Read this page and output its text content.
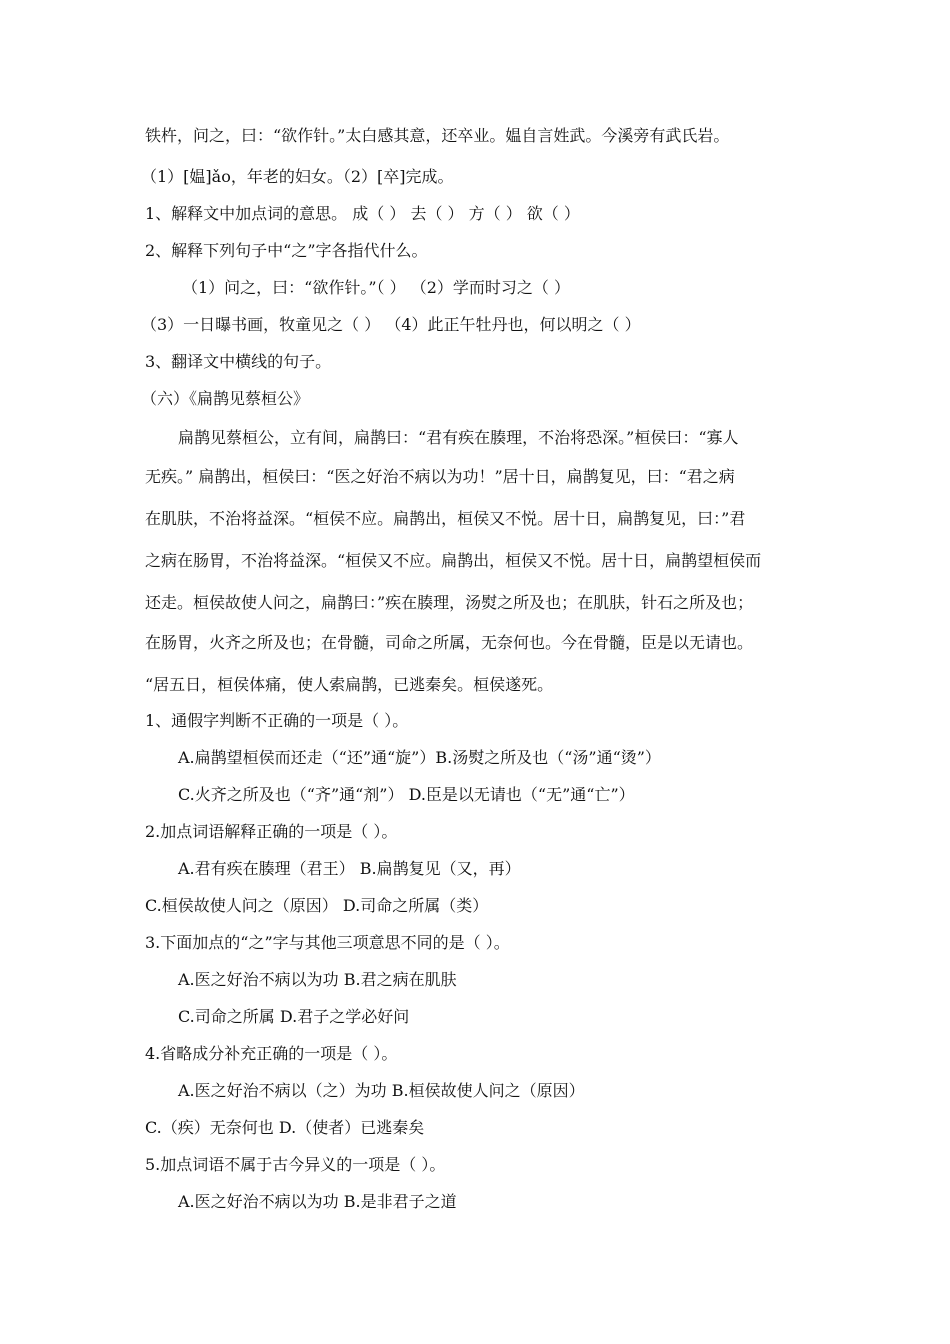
铁杵，问之，曰：“欲作针。”太白感其意，还卒业。媪自言姓武。今溪旁有武氏岩。
（1）[媪]ǎo，年老的妇女。（2）[卒]完成。
1、解释文中加点词的意思。 成（ ） 去（ ） 方（ ） 欲（ ）
2、解释下列句子中“之”字各指代什么。
（1）问之，曰：“欲作针。”（ ） （2）学而时习之（ ）
（3）一日曝书画，牧童见之（ ） （4）此正午牡丹也，何以明之（ ）
3、翻译文中横线的句子。
（六）《扁鹊见蔡桓公》
扁鹊见蔡桓公，立有间，扁鹊曰：“君有疾在腠理，不治将恐深。”桓侯曰：“寡人
无疾。” 扁鹊出，桓侯曰：“医之好治不病以为功！”居十日，扁鹊复见，曰：“君之病
在肌肤，不治将益深。“桓侯不应。扁鹊出，桓侯又不悦。居十日，扁鹊复见，曰：”君
之病在肠胃，不治将益深。“桓侯又不应。扁鹊出，桓侯又不悦。居十日，扁鹊望桓侯而
还走。桓侯故使人问之，扁鹊曰：”疾在腠理，汤熨之所及也；在肌肤，针石之所及也；
在肠胃，火齐之所及也；在骨髓，司命之所属，无奈何也。今在骨髓，臣是以无请也。
“居五日，桓侯体痛，使人索扁鹊，已逃秦矣。桓侯遂死。
1、通假字判断不正确的一项是（ ）。
A.扁鹊望桓侯而还走（“还”通“旋”）B.汤熨之所及也（“汤”通“烫”）
C.火齐之所及也（“齐”通“剂”） D.臣是以无请也（“无”通“亡”）
2.加点词语解释正确的一项是（ ）。
A.君有疾在腠理（君王） B.扁鹊复见（又，再）
C.桓侯故使人问之（原因） D.司命之所属（类）
3.下面加点的“之”字与其他三项意思不同的是（ ）。
A.医之好治不病以为功 B.君之病在肌肤
C.司命之所属 D.君子之学必好问
4.省略成分补充正确的一项是（ ）。
A.医之好治不病以（之）为功 B.桓侯故使人问之（原因）
C.（疾）无奈何也 D.（使者）已逃秦矣
5.加点词语不属于古今异义的一项是（ ）。
A.医之好治不病以为功 B.是非君子之道
